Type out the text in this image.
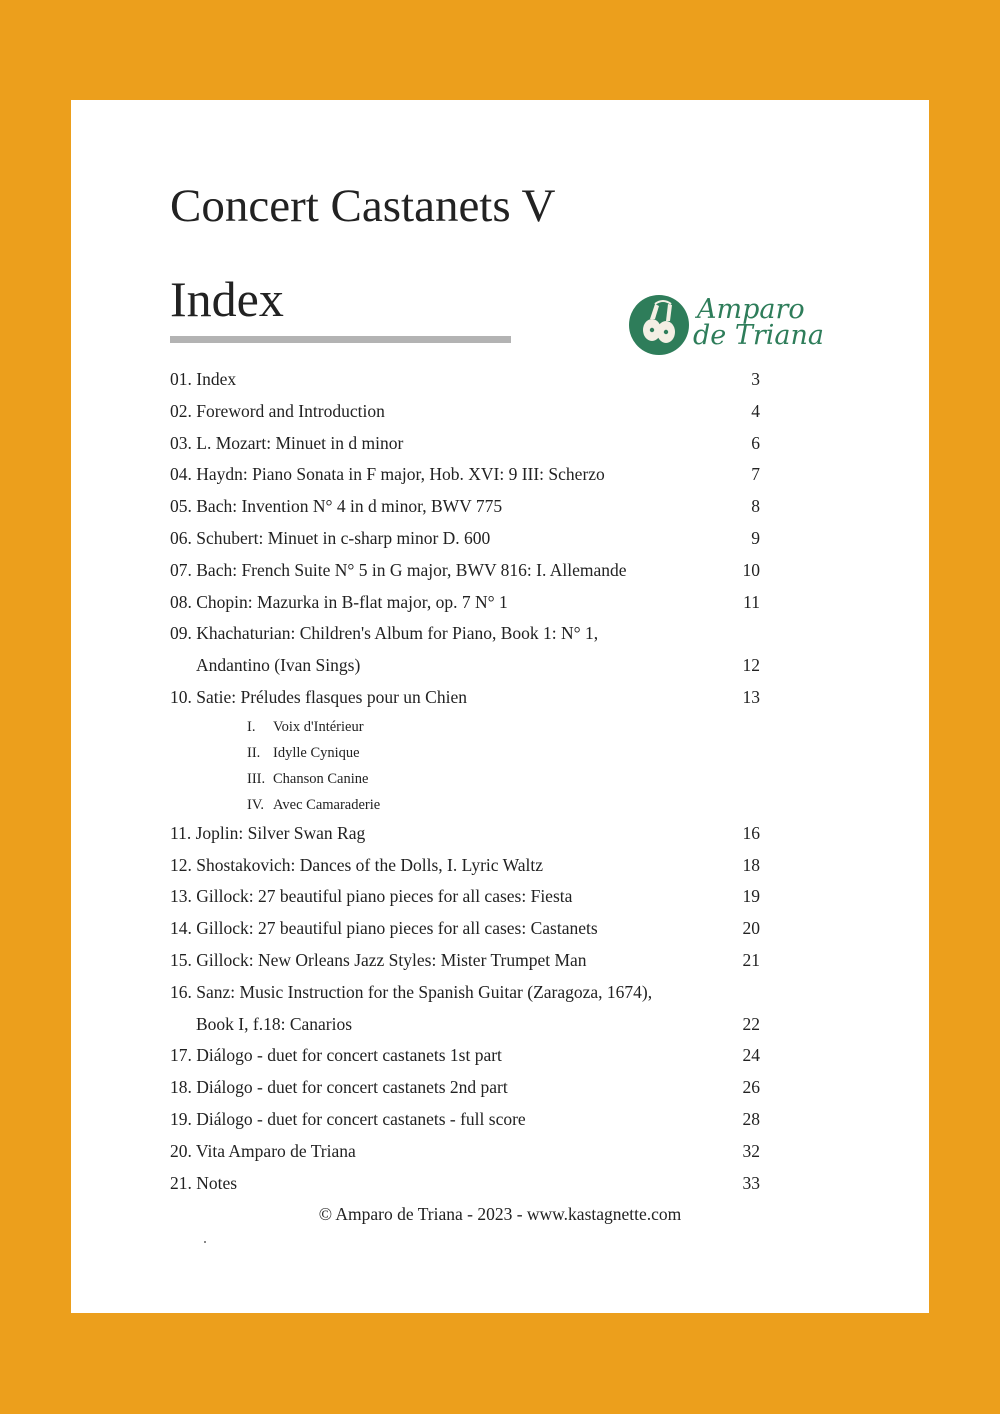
Concert Castanets V
Index	Amparo
de Triana
01. Index	3
02. Foreword and Introduction	4
03. L. Mozart: Minuet in d minor	6
04. Haydn: Piano Sonata in F major, Hob. XVI: 9 III: Scherzo	7
05. Bach: Invention N° 4 in d minor, BWV 775	8
06. Schubert: Minuet in c-sharp minor D. 600	9
07. Bach: French Suite N° 5 in G major, BWV 816: I. Allemande	10
08. Chopin: Mazurka in B-flat major, op. 7 N° 1	11
09. Khachaturian: Children's Album for Piano, Book 1: N° 1,
Andantino (Ivan Sings)	12
10. Satie: Préludes flasques pour un Chien	13
I. Voix d'Intérieur
II. Idylle Cynique
III. Chanson Canine
IV. Avec Camaraderie
11. Joplin: Silver Swan Rag	16
12. Shostakovich: Dances of the Dolls, I. Lyric Waltz	18
13. Gillock: 27 beautiful piano pieces for all cases: Fiesta	19
14. Gillock: 27 beautiful piano pieces for all cases: Castanets	20
15. Gillock: New Orleans Jazz Styles: Mister Trumpet Man	21
16. Sanz: Music Instruction for the Spanish Guitar (Zaragoza, 1674),
Book I, f.18: Canarios	22
17. Diálogo - duet for concert castanets 1st part	24
18. Diálogo - duet for concert castanets 2nd part	26
19. Diálogo - duet for concert castanets - full score	28
20. Vita Amparo de Triana	32
21. Notes	33
© Amparo de Triana - 2023 - www.kastagnette.com
